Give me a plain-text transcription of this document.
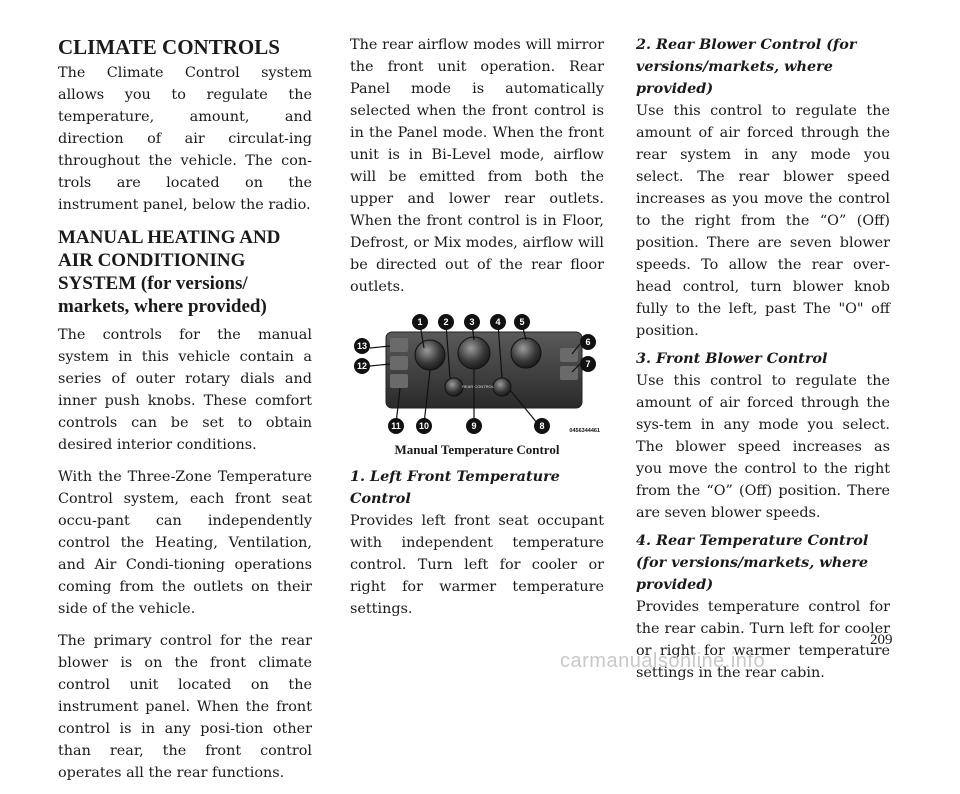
CLIMATE CONTROLS

The Climate Control system allows you to regulate the temperature, amount, and direction of air circulat-ing throughout the vehicle. The con-trols are located on the instrument panel, below the radio.

MANUAL HEATING AND AIR CONDITIONING SYSTEM (for versions/ markets, where provided)

The controls for the manual system in this vehicle contain a series of outer rotary dials and inner push knobs. These comfort controls can be set to obtain desired interior conditions.

With the Three-Zone Temperature Control system, each front seat occu-pant can independently control the Heating, Ventilation, and Air Condi-tioning operations coming from the outlets on their side of the vehicle.

The primary control for the rear blower is on the front climate control unit located on the instrument panel. When the front control is in any posi-tion other than rear, the front control operates all the rear functions.

The rear airflow modes will mirror the front unit operation. Rear Panel mode is automatically selected when the front control is in the Panel mode. When the front unit is in Bi-Level mode, airflow will be emitted from both the upper and lower rear outlets. When the front control is in Floor, Defrost, or Mix modes, airflow will be directed out of the rear floor outlets.

REAR CONTROL
1 2 3 4 5
6
7
8
9
10
11
12
13
0456344461
Manual Temperature Control

1. Left Front Temperature Control

Provides left front seat occupant with independent temperature control. Turn left for cooler or right for warmer temperature settings.

2. Rear Blower Control (for versions/markets, where provided)

Use this control to regulate the amount of air forced through the rear system in any mode you select. The rear blower speed increases as you move the control to the right from the “O” (Off) position. There are seven blower speeds. To allow the rear over-head control, turn blower knob fully to the left, past The "O" off position.

3. Front Blower Control

Use this control to regulate the amount of air forced through the sys-tem in any mode you select. The blower speed increases as you move the control to the right from the “O” (Off) position. There are seven blower speeds.

4. Rear Temperature Control (for versions/markets, where provided)

Provides temperature control for the rear cabin. Turn left for cooler or right for warmer temperature settings in the rear cabin.

209
carmanualsonline.info
